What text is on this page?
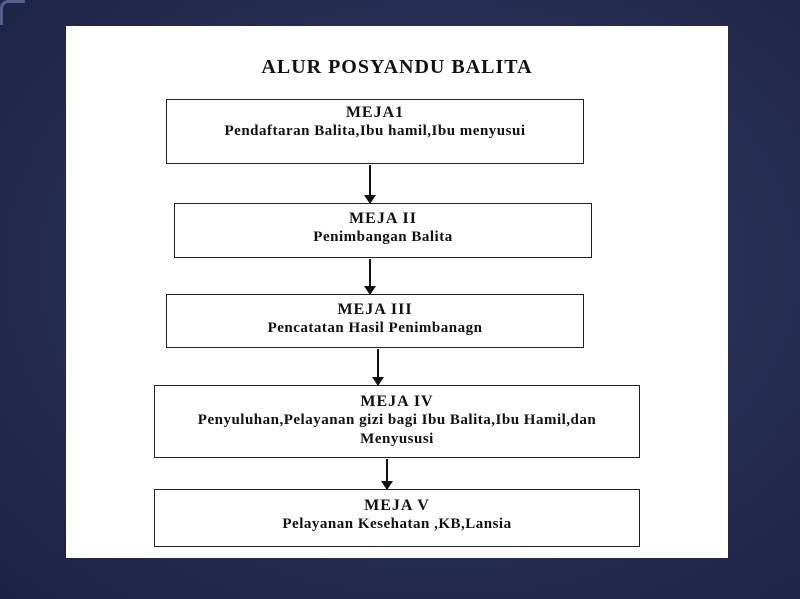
ALUR POSYANDU BALITA
MEJA1
Pendaftaran Balita,Ibu hamil,Ibu menyusui
MEJA II
Penimbangan Balita
MEJA III
Pencatatan Hasil Penimbanagn
MEJA IV
Penyuluhan,Pelayanan gizi bagi Ibu Balita,Ibu Hamil,dan Menyususi
MEJA V
Pelayanan Kesehatan ,KB,Lansia
